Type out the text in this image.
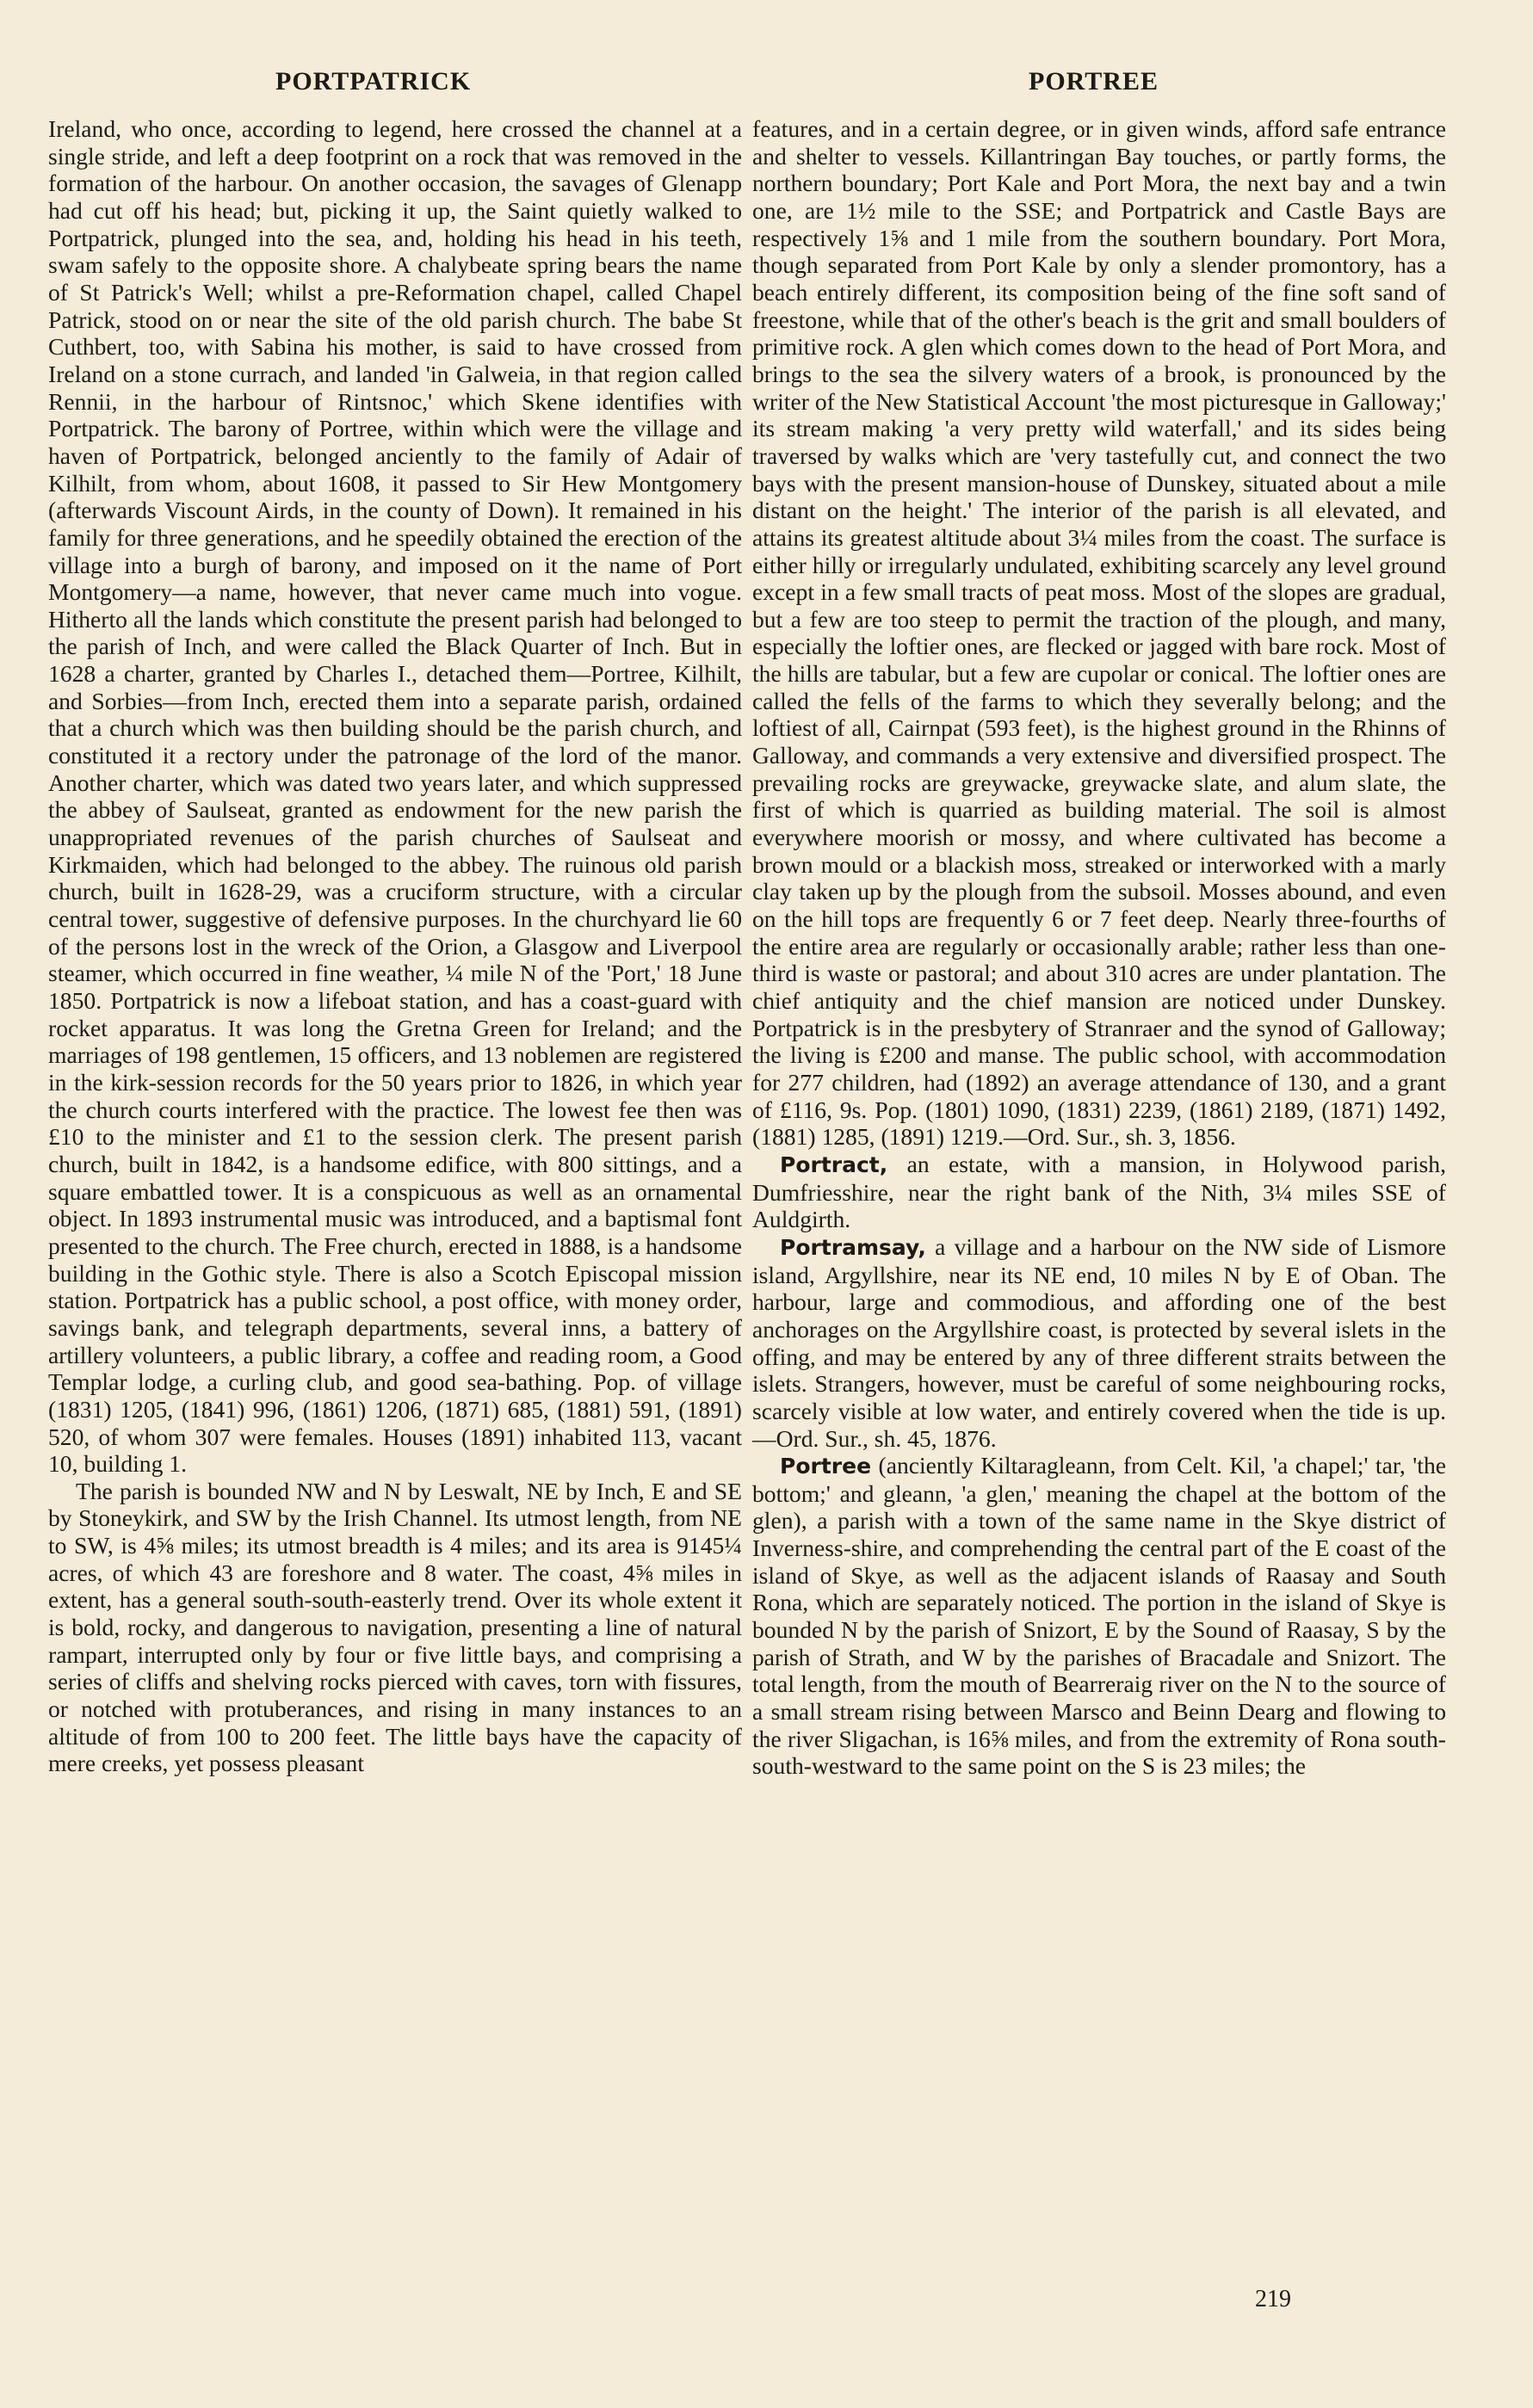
PORTPATRICK	PORTREE

Ireland, who once, according to legend, here crossed the channel at a single stride, and left a deep footprint on a rock that was removed in the formation of the harbour. On another occasion, the savages of Glenapp had cut off his head; but, picking it up, the Saint quietly walked to Portpatrick, plunged into the sea, and, holding his head in his teeth, swam safely to the opposite shore. A chalybeate spring bears the name of St Patrick's Well; whilst a pre-Reformation chapel, called Chapel Patrick, stood on or near the site of the old parish church. The babe St Cuthbert, too, with Sabina his mother, is said to have crossed from Ireland on a stone currach, and landed 'in Galweia, in that region called Rennii, in the harbour of Rintsnoc,' which Skene identifies with Portpatrick. The barony of Portree, within which were the village and haven of Portpatrick, belonged anciently to the family of Adair of Kilhilt, from whom, about 1608, it passed to Sir Hew Montgomery (afterwards Viscount Airds, in the county of Down). It remained in his family for three generations, and he speedily obtained the erection of the village into a burgh of barony, and imposed on it the name of Port Montgomery—a name, however, that never came much into vogue. Hitherto all the lands which constitute the present parish had belonged to the parish of Inch, and were called the Black Quarter of Inch. But in 1628 a charter, granted by Charles I., detached them—Portree, Kilhilt, and Sorbies—from Inch, erected them into a separate parish, ordained that a church which was then building should be the parish church, and constituted it a rectory under the patronage of the lord of the manor. Another charter, which was dated two years later, and which suppressed the abbey of Saulseat, granted as endowment for the new parish the unappropriated revenues of the parish churches of Saulseat and Kirkmaiden, which had belonged to the abbey. The ruinous old parish church, built in 1628-29, was a cruciform structure, with a circular central tower, suggestive of defensive purposes. In the churchyard lie 60 of the persons lost in the wreck of the Orion, a Glasgow and Liverpool steamer, which occurred in fine weather, ¼ mile N of the 'Port,' 18 June 1850. Portpatrick is now a lifeboat station, and has a coast-guard with rocket apparatus. It was long the Gretna Green for Ireland; and the marriages of 198 gentlemen, 15 officers, and 13 noblemen are registered in the kirk-session records for the 50 years prior to 1826, in which year the church courts interfered with the practice. The lowest fee then was £10 to the minister and £1 to the session clerk. The present parish church, built in 1842, is a handsome edifice, with 800 sittings, and a square embattled tower. It is a conspicuous as well as an ornamental object. In 1893 instrumental music was introduced, and a baptismal font presented to the church. The Free church, erected in 1888, is a handsome building in the Gothic style. There is also a Scotch Episcopal mission station. Portpatrick has a public school, a post office, with money order, savings bank, and telegraph departments, several inns, a battery of artillery volunteers, a public library, a coffee and reading room, a Good Templar lodge, a curling club, and good sea-bathing. Pop. of village (1831) 1205, (1841) 996, (1861) 1206, (1871) 685, (1881) 591, (1891) 520, of whom 307 were females. Houses (1891) inhabited 113, vacant 10, building 1.

The parish is bounded NW and N by Leswalt, NE by Inch, E and SE by Stoneykirk, and SW by the Irish Channel. Its utmost length, from NE to SW, is 4⅝ miles; its utmost breadth is 4 miles; and its area is 9145¼ acres, of which 43 are foreshore and 8 water. The coast, 4⅝ miles in extent, has a general south-south-easterly trend. Over its whole extent it is bold, rocky, and dangerous to navigation, presenting a line of natural rampart, interrupted only by four or five little bays, and comprising a series of cliffs and shelving rocks pierced with caves, torn with fissures, or notched with protuberances, and rising in many instances to an altitude of from 100 to 200 feet. The little bays have the capacity of mere creeks, yet possess pleasant

features, and in a certain degree, or in given winds, afford safe entrance and shelter to vessels. Killantringan Bay touches, or partly forms, the northern boundary; Port Kale and Port Mora, the next bay and a twin one, are 1½ mile to the SSE; and Portpatrick and Castle Bays are respectively 1⅝ and 1 mile from the southern boundary. Port Mora, though separated from Port Kale by only a slender promontory, has a beach entirely different, its composition being of the fine soft sand of freestone, while that of the other's beach is the grit and small boulders of primitive rock. A glen which comes down to the head of Port Mora, and brings to the sea the silvery waters of a brook, is pronounced by the writer of the New Statistical Account 'the most picturesque in Galloway;' its stream making 'a very pretty wild waterfall,' and its sides being traversed by walks which are 'very tastefully cut, and connect the two bays with the present mansion-house of Dunskey, situated about a mile distant on the height.' The interior of the parish is all elevated, and attains its greatest altitude about 3¼ miles from the coast. The surface is either hilly or irregularly undulated, exhibiting scarcely any level ground except in a few small tracts of peat moss. Most of the slopes are gradual, but a few are too steep to permit the traction of the plough, and many, especially the loftier ones, are flecked or jagged with bare rock. Most of the hills are tabular, but a few are cupolar or conical. The loftier ones are called the fells of the farms to which they severally belong; and the loftiest of all, Cairnpat (593 feet), is the highest ground in the Rhinns of Galloway, and commands a very extensive and diversified prospect. The prevailing rocks are greywacke, greywacke slate, and alum slate, the first of which is quarried as building material. The soil is almost everywhere moorish or mossy, and where cultivated has become a brown mould or a blackish moss, streaked or interworked with a marly clay taken up by the plough from the subsoil. Mosses abound, and even on the hill tops are frequently 6 or 7 feet deep. Nearly three-fourths of the entire area are regularly or occasionally arable; rather less than one-third is waste or pastoral; and about 310 acres are under plantation. The chief antiquity and the chief mansion are noticed under Dunskey. Portpatrick is in the presbytery of Stranraer and the synod of Galloway; the living is £200 and manse. The public school, with accommodation for 277 children, had (1892) an average attendance of 130, and a grant of £116, 9s. Pop. (1801) 1090, (1831) 2239, (1861) 2189, (1871) 1492, (1881) 1285, (1891) 1219.—Ord. Sur., sh. 3, 1856.

Portract, an estate, with a mansion, in Holywood parish, Dumfriesshire, near the right bank of the Nith, 3¼ miles SSE of Auldgirth.

Portramsay, a village and a harbour on the NW side of Lismore island, Argyllshire, near its NE end, 10 miles N by E of Oban. The harbour, large and commodious, and affording one of the best anchorages on the Argyllshire coast, is protected by several islets in the offing, and may be entered by any of three different straits between the islets. Strangers, however, must be careful of some neighbouring rocks, scarcely visible at low water, and entirely covered when the tide is up. —Ord. Sur., sh. 45, 1876.

Portree (anciently Kiltaragleann, from Celt. Kil, 'a chapel;' tar, 'the bottom;' and gleann, 'a glen,' meaning the chapel at the bottom of the glen), a parish with a town of the same name in the Skye district of Inverness-shire, and comprehending the central part of the E coast of the island of Skye, as well as the adjacent islands of Raasay and South Rona, which are separately noticed. The portion in the island of Skye is bounded N by the parish of Snizort, E by the Sound of Raasay, S by the parish of Strath, and W by the parishes of Bracadale and Snizort. The total length, from the mouth of Bearreraig river on the N to the source of a small stream rising between Marsco and Beinn Dearg and flowing to the river Sligachan, is 16⅝ miles, and from the extremity of Rona south-south-westward to the same point on the S is 23 miles; the

219
